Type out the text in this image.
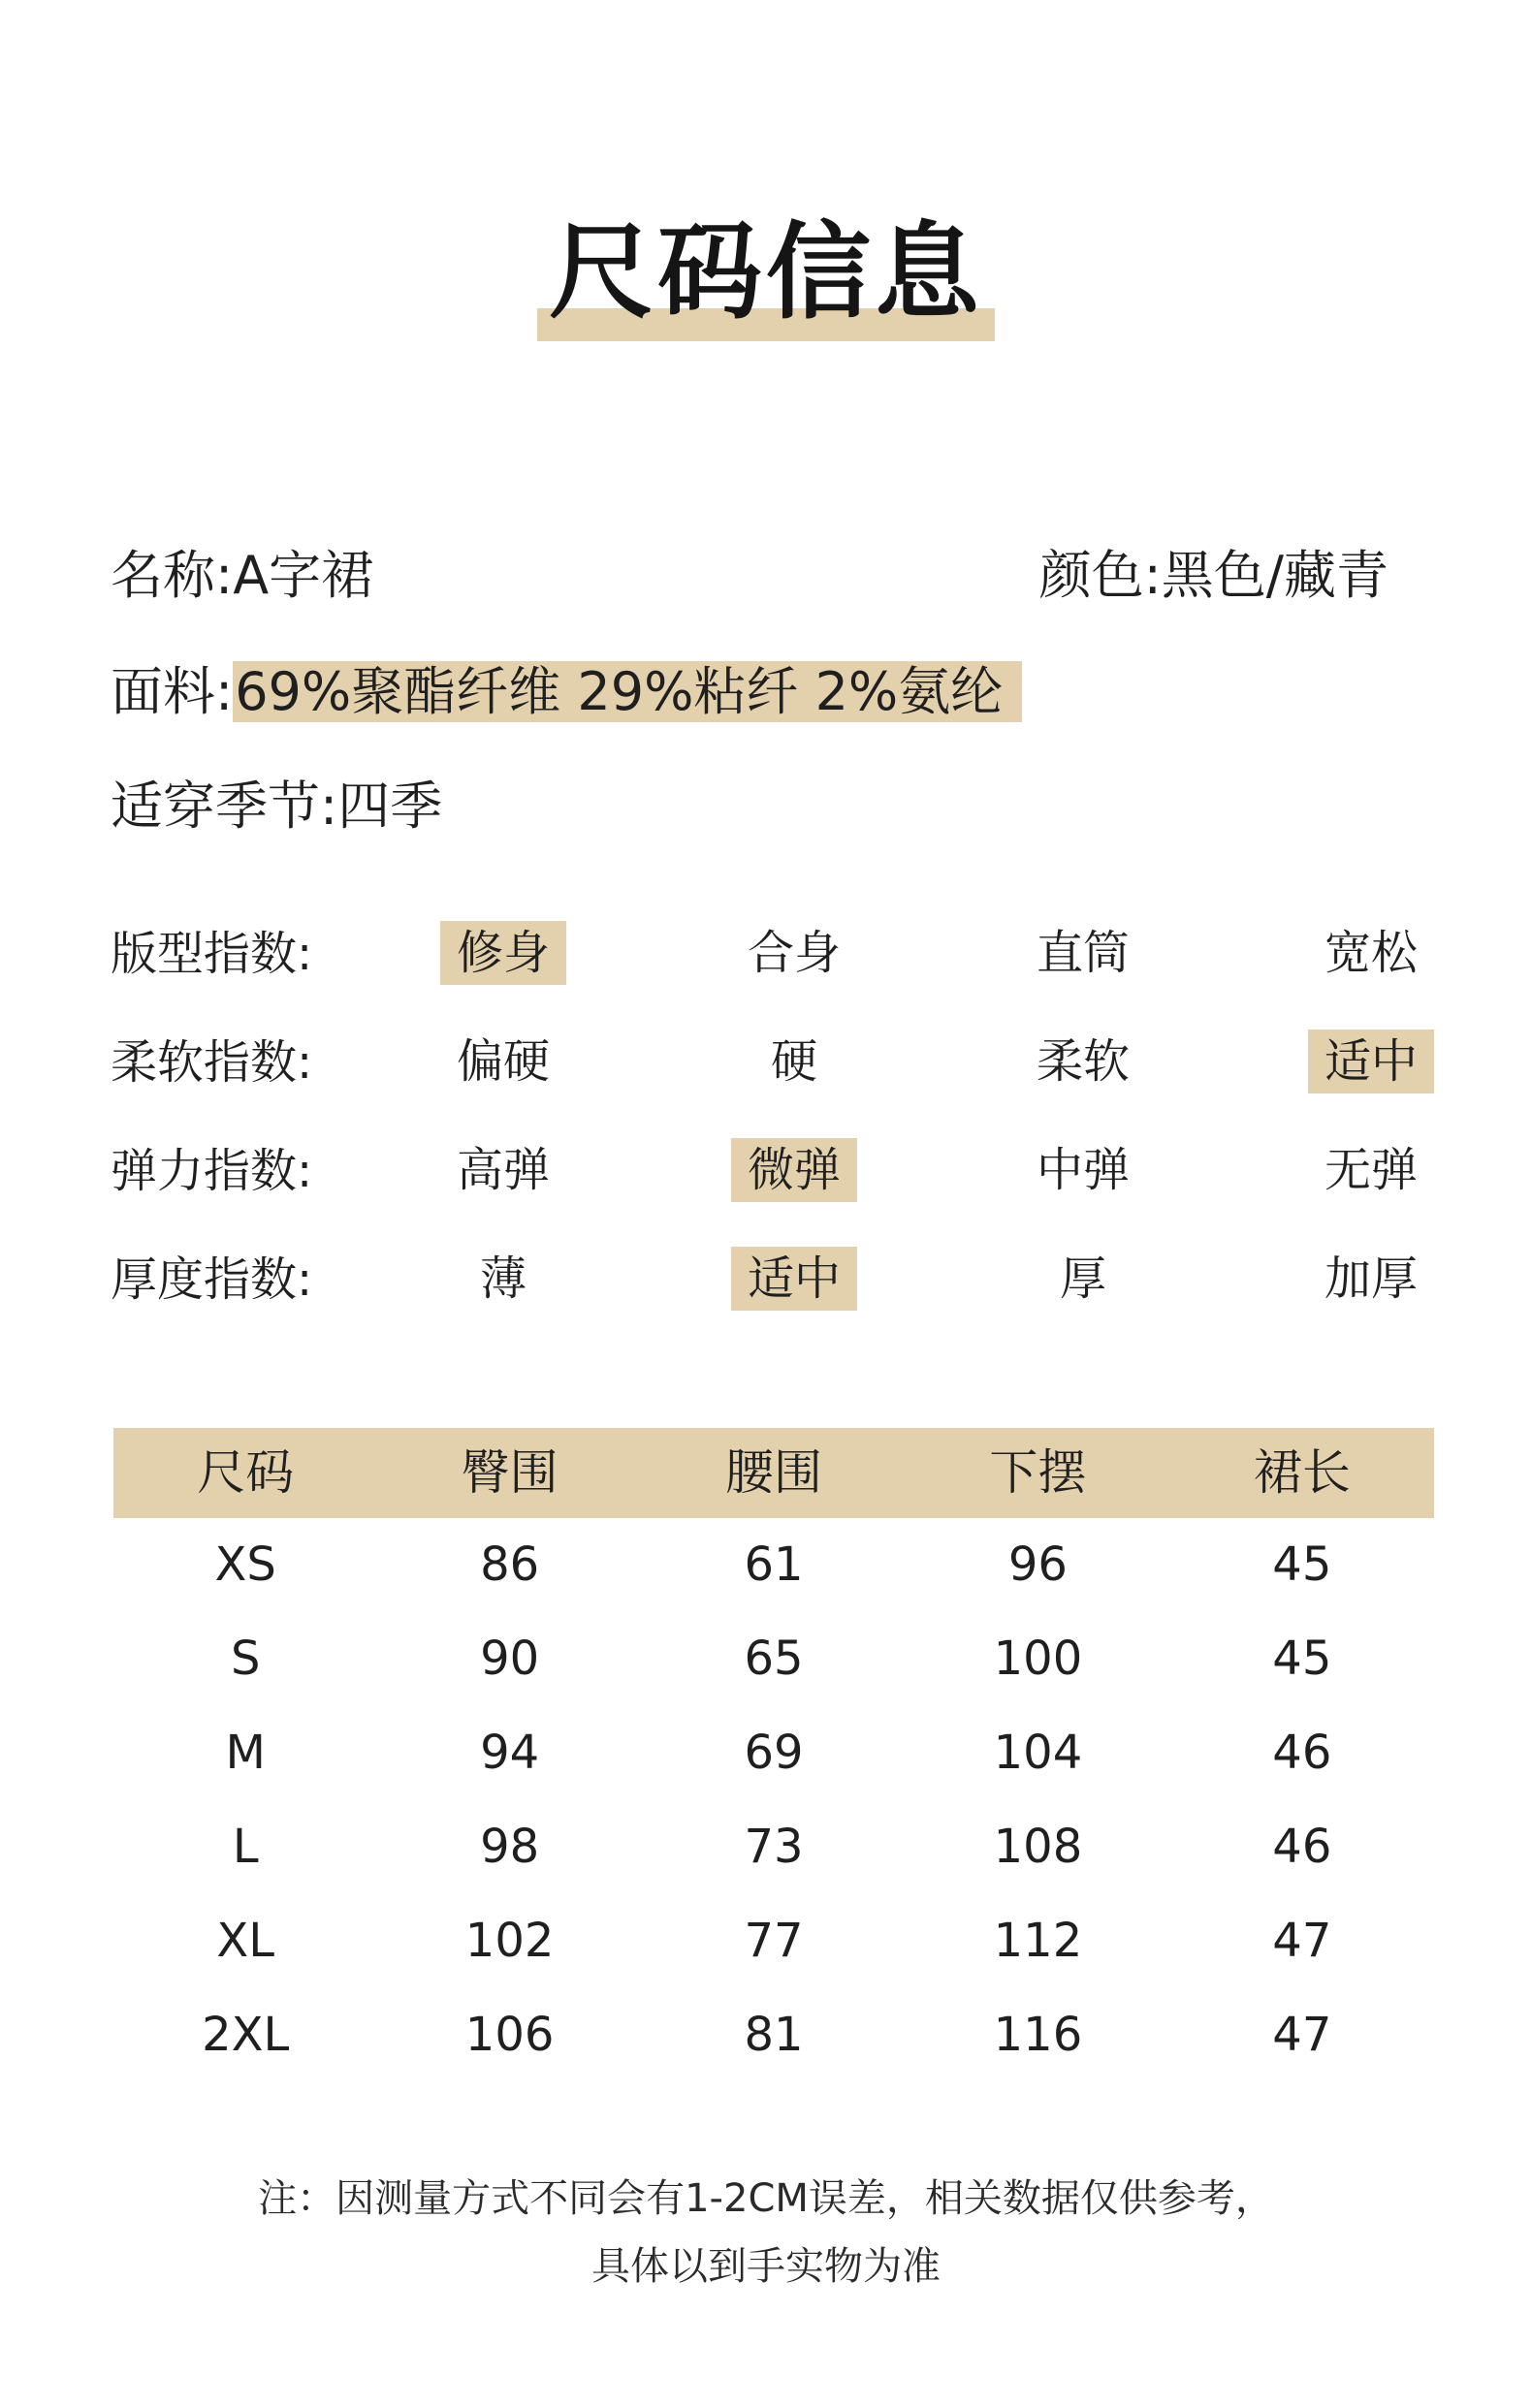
尺码信息
名称:A字裙	颜色:黑色/藏青
面料:69%聚酯纤维 29%粘纤 2%氨纶
适穿季节:四季
版型指数:	修身	合身	直筒	宽松
柔软指数:	偏硬	硬	柔软	适中
弹力指数:	高弹	微弹	中弹	无弹
厚度指数:	薄	适中	厚	加厚
尺码	臀围	腰围	下摆	裙长
XS	86	61	96	45
S	90	65	100	45
M	94	69	104	46
L	98	73	108	46
XL	102	77	112	47
2XL	106	81	116	47
注：因测量方式不同会有1-2CM误差，相关数据仅供参考，
具体以到手实物为准
